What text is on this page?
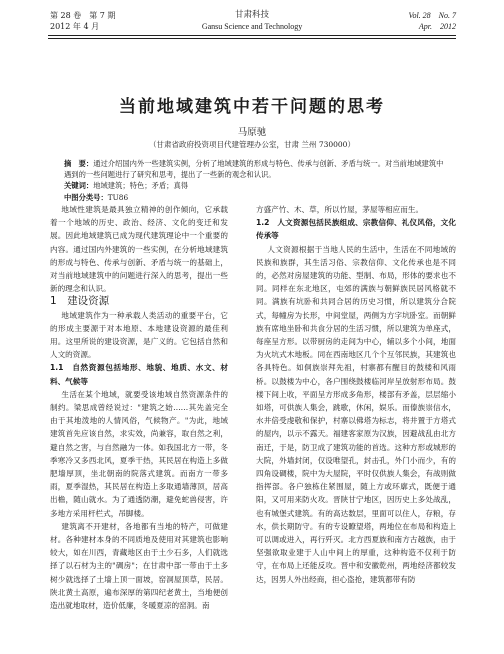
第 28 卷　第 7 期
2012 年 4 月
甘肃科技
Gansu Science and Technology
Vol. 28　No. 7
Apr.　2012
当前地域建筑中若干问题的思考
马原驰
（甘肃省政府投资项目代建管理办公室，甘肃 兰州 730000）

摘　要：通过介绍国内外一些建筑实例，分析了地域建筑的形成与特色、传承与创新、矛盾与统一。对当前地域建筑中遇到的一些问题进行了研究和思考，提出了一些新的观念和认识。

关键词：地域建筑；特色；矛盾；真得

中图分类号：TU86

地域性建筑是最具独立精神的创作倾向，它承载着一个地域的历史、政治、经济、文化的变迁和发展。因此地域建筑已成为现代建筑理论中一个重要的内容。通过国内外建筑的一些实例，在分析地域建筑的形成与特色、传承与创新、矛盾与统一的基础上，对当前地域建筑中的问题进行深入的思考，提出一些新的理念和认识。

1　 建设资源

地域建筑作为一种承载人类活动的重要平台，它的形成主要源于对本地原、本地建设资源的最佳利用。这里所说的建设资源，是广义的。它包括自然和人文的资源。

1.1　自然资源包括地形、地貌、地质、水文、材料、气候等

生活在某个地域，就要受该地域自然资源条件的制约。梁思成曾经说过："建筑之始……其先盖完全由于其地泼地的人情风俗，气候物产。"为此，地域建筑首先应该自然，求实效，尚兼容，取自然之利，避自然之害，与自然融为一体。如我国北方一带，冬季寒冷又多西北风，夏季干热，其民居在构造上多做肥墙厚顶，坐北朝南的院落式建筑。而南方一带多雨，夏季湿热，其民居在构造上多取通墙薄顶，居高出檐，随山就水。为了通透防潮，避免蛇兽侵害，许多地方采用杆栏式，吊脚楼。

建筑离不开建材，各地都有当地的特产，可做建材。各种建材本身的不同质地及使用对其建筑也影响较大，如在川西，青藏地区由于土少石多，人们就选择了以石材为主的"碉房"；在甘肃中部一带由于土多树少就选择了土墙上顶一面坡，窑洞屋顶草，民居。陕北黄土高原，遍布深厚的第四纪老黄土，当地便创造出就地取材，造价低廉，冬暖夏凉的窑洞。南

方盛产竹、木、草，所以竹屋，茅屋等相应而生。

1.2　人文资源包括民族组成、宗教信仰、礼仪风俗，文化传承等

人文资源根据于当地人民的生活中，生活在不同地域的民族和族群，其生活习俗、宗教信仰、文化传承也是不同的，必然对房屋建筑的功能、型制、布局，形体的要求也不同。同样在东北地区，屯郊的满族与朝鲜族民居风格就不同。满族有坑卧和共同合居的历史习惯，所以建筑分合院式，每幢房为长形，中间堂屋，两侧为方字坑卧室。而朝鲜族有席地坐卧和共食分居的生活习惯，所以建筑为单座式，每座呈方形。以带厨房的走间为中心，辅以多个小间，地面为火坑式木地板。同在西南地区几个个互邻民族，其建筑也各具特色。如侗族崇拜先祖，村寨都有醒目的鼓楼和风雨桥。以鼓楼为中心，各户围绕鼓楼临河岸呈放射形布局。鼓楼下间上收，平面呈方形成多角形，楼部有矛盖，层层缩小如塔，可供族人集会，跳歌，休闲，娱乐。而傣族崇信水，水井倍受虔敬和保护，村寨以佛塔为标志，将井置于方塔式的屋内，以示不露天。福建客家原为汉族，因避战乱由北方南迁，于是，防卫成了建筑功能的首选。这种方形或城形的大院，外墙封闭，仅设唯望孔，封击孔，外门小而少，有的四角设碉楼，院中为大屋院，平时仅供族人集会，有战则做指挥部。各户独栋住紧围屋，随上方或环廓式，既便于通阳，又可用来防火攻。晋陕甘宁地区，因历史上多处战乱，也有城堡式建筑。有的高达数层，里面可以住人，存粮，存水，供长期防守。有的专设瞭望塔，两地位在布局和构造上可以调或进入，再行歼灭。北方西夏族和南方古越族，由于坚强欲取业建于人山中间上的厚重，这种构造不仅利于防守，在布局上还能反攻。晋中和安徽乾州，两地经济都较发达，因男人外出经商，担心盗抢，建筑都带有防
